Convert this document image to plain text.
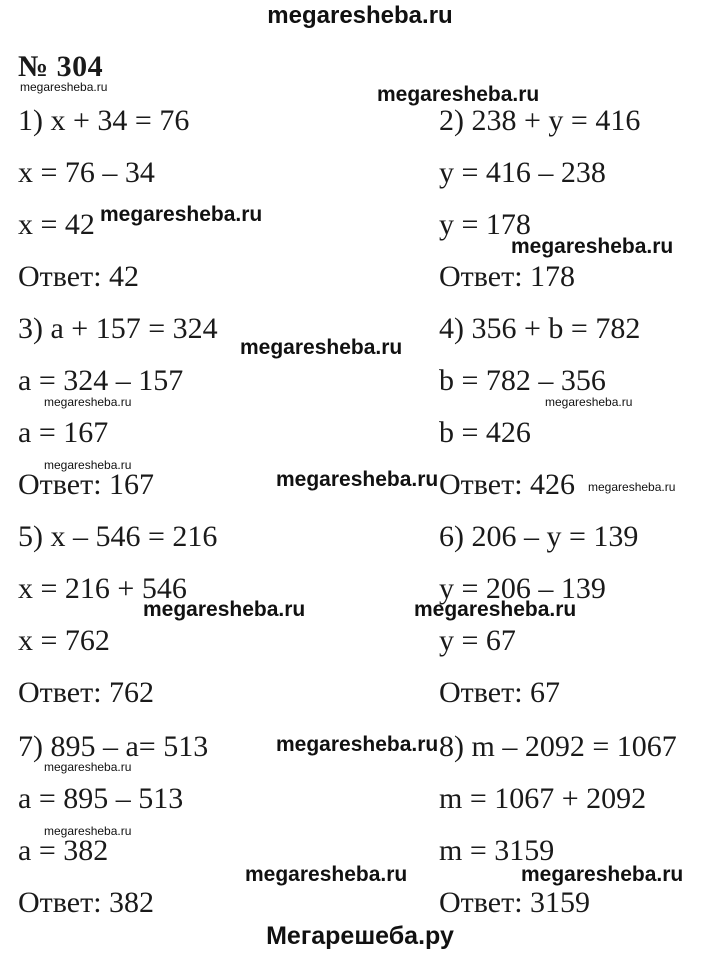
megaresheba.ru
№ 304
1) x + 34 = 76
x = 76 – 34
x = 42
Ответ: 42
2) 238 + y = 416
y = 416 – 238
y = 178
Ответ: 178
3) a + 157 = 324
a = 324 – 157
a = 167
Ответ: 167
4) 356 + b = 782
b = 782 – 356
b = 426
Ответ: 426
5) x – 546 = 216
x = 216 + 546
x = 762
Ответ: 762
6) 206 – y = 139
y = 206 – 139
y = 67
Ответ: 67
7) 895 – a= 513
a = 895 – 513
a = 382
Ответ: 382
8) m – 2092 = 1067
m = 1067 + 2092
m = 3159
Ответ: 3159
megaresheba.ru
megaresheba.ru
megaresheba.ru
megaresheba.ru
megaresheba.ru
megaresheba.ru	megaresheba.ru
megaresheba.ru
megaresheba.ru	megaresheba.ru
megaresheba.ru
megaresheba.ru	megaresheba.ru
megaresheba.ru
megaresheba.ru
megaresheba.ru
megaresheba.ru
Мегарешеба.ру
